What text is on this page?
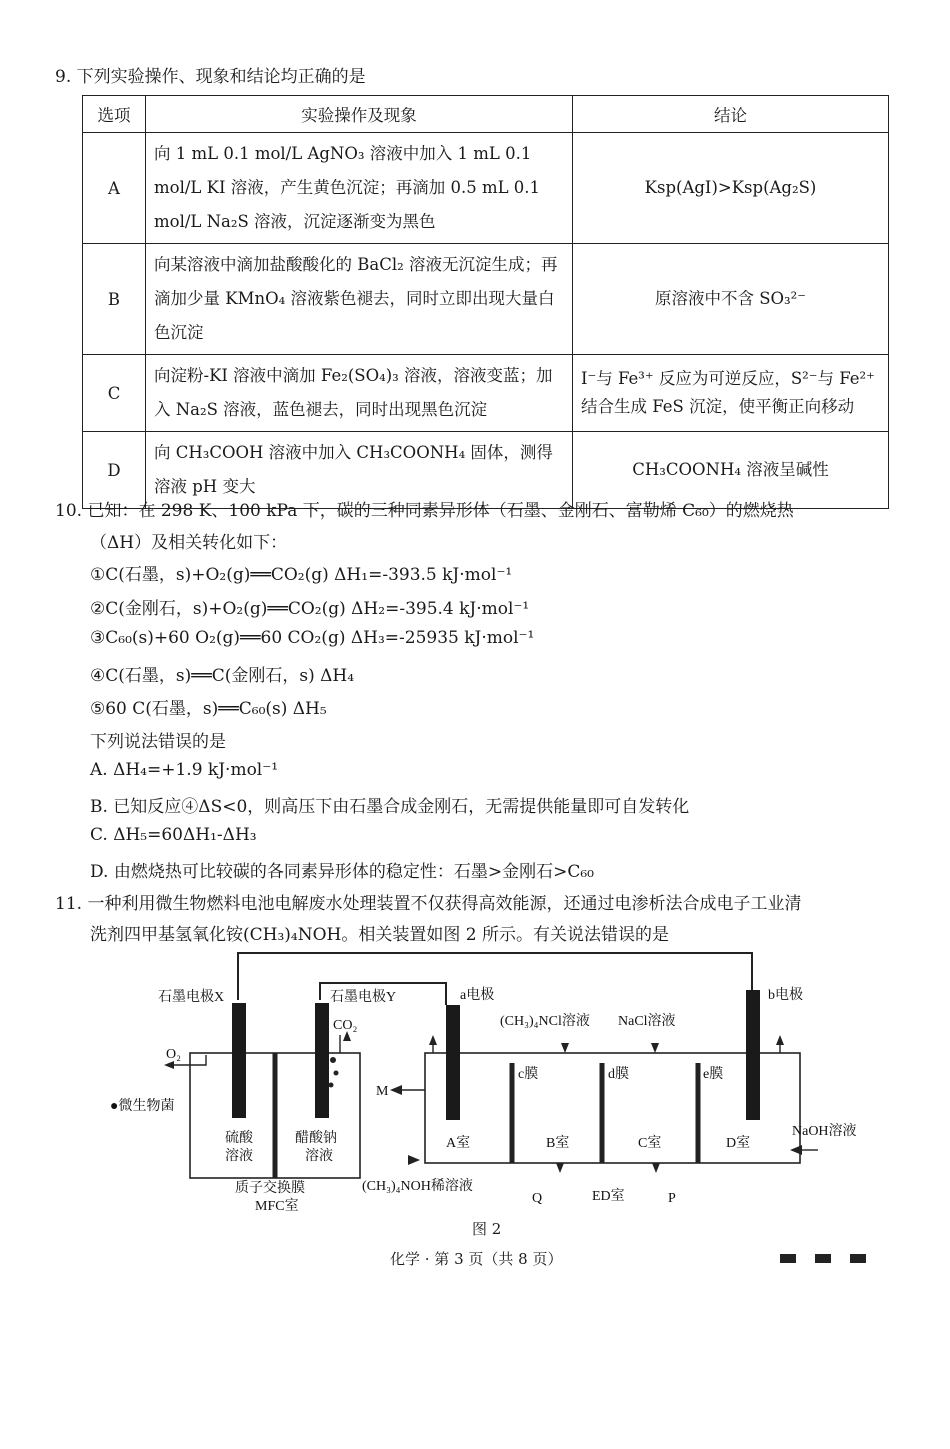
9. 下列实验操作、现象和结论均正确的是
选项	实验操作及现象	结论
A	向 1 mL 0.1 mol/L AgNO₃ 溶液中加入 1 mL 0.1 mol/L KI 溶液，产生黄色沉淀；再滴加 0.5 mL 0.1 mol/L Na₂S 溶液，沉淀逐渐变为黑色	Ksp(AgI)>Ksp(Ag₂S)
B	向某溶液中滴加盐酸酸化的 BaCl₂ 溶液无沉淀生成；再滴加少量 KMnO₄ 溶液紫色褪去，同时立即出现大量白色沉淀	原溶液中不含 SO₃²⁻
C	向淀粉-KI 溶液中滴加 Fe₂(SO₄)₃ 溶液，溶液变蓝；加入 Na₂S 溶液，蓝色褪去，同时出现黑色沉淀	I⁻与 Fe³⁺ 反应为可逆反应，S²⁻与 Fe²⁺ 结合生成 FeS 沉淀，使平衡正向移动
D	向 CH₃COOH 溶液中加入 CH₃COONH₄ 固体，测得溶液 pH 变大	CH₃COONH₄ 溶液呈碱性
10. 已知：在 298 K、100 kPa 下，碳的三种同素异形体（石墨、金刚石、富勒烯 C₆₀）的燃烧热
（ΔH）及相关转化如下：
①C(石墨，s)+O₂(g)══CO₂(g) ΔH₁=-393.5 kJ·mol⁻¹
②C(金刚石，s)+O₂(g)══CO₂(g) ΔH₂=-395.4 kJ·mol⁻¹
③C₆₀(s)+60 O₂(g)══60 CO₂(g) ΔH₃=-25935 kJ·mol⁻¹
④C(石墨，s)══C(金刚石，s) ΔH₄
⑤60 C(石墨，s)══C₆₀(s) ΔH₅
下列说法错误的是
A. ΔH₄=+1.9 kJ·mol⁻¹
B. 已知反应④ΔS<0，则高压下由石墨合成金刚石，无需提供能量即可自发转化
C. ΔH₅=60ΔH₁-ΔH₃
D. 由燃烧热可比较碳的各同素异形体的稳定性：石墨>金刚石>C₆₀
11. 一种利用微生物燃料电池电解废水处理装置不仅获得高效能源，还通过电渗析法合成电子工业清
洗剂四甲基氢氧化铵(CH₃)₄NOH。相关装置如图 2 所示。有关说法错误的是
石墨电极X	石墨电极Y
CO₂
O₂
●微生物菌
硫酸
溶液
醋酸钠
溶液
质子交换膜
MFC室
a电极	b电极
(CH₃)₄NCl溶液 NaCl溶液
M
c膜	d膜	e膜
A室	B室	C室	D室
NaOH溶液
(CH₃)₄NOH稀溶液
Q	ED室	P
图 2
化学 · 第 3 页（共 8 页）
